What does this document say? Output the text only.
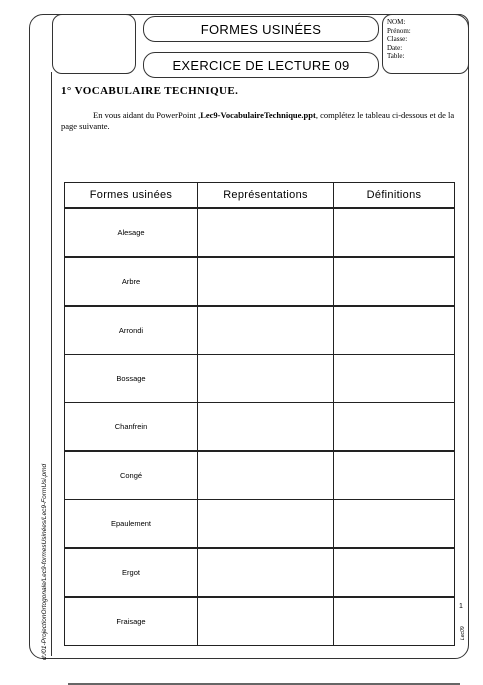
FORMES USINÉES
EXERCICE DE LECTURE 09
NOM:
Prénom:
Classe:
Date:
Table:
1° VOCABULAIRE TECHNIQUE.

En vous aidant du PowerPoint ,Lec9-VocabulaireTechnique.ppt, complétez le tableau ci-dessous et de la page suivante.

Formes usinées	Représentations	Définitions
Alesage		
Arbre		
Arrondi		
Bossage		
Chanfrein		
Congé		
Epaulement		
Ergot		
Fraisage		
d:/01-ProjectionOrtogonale/Lec9-formesUsinées/Lec9-FormUsi.pmd	Lec09
1
